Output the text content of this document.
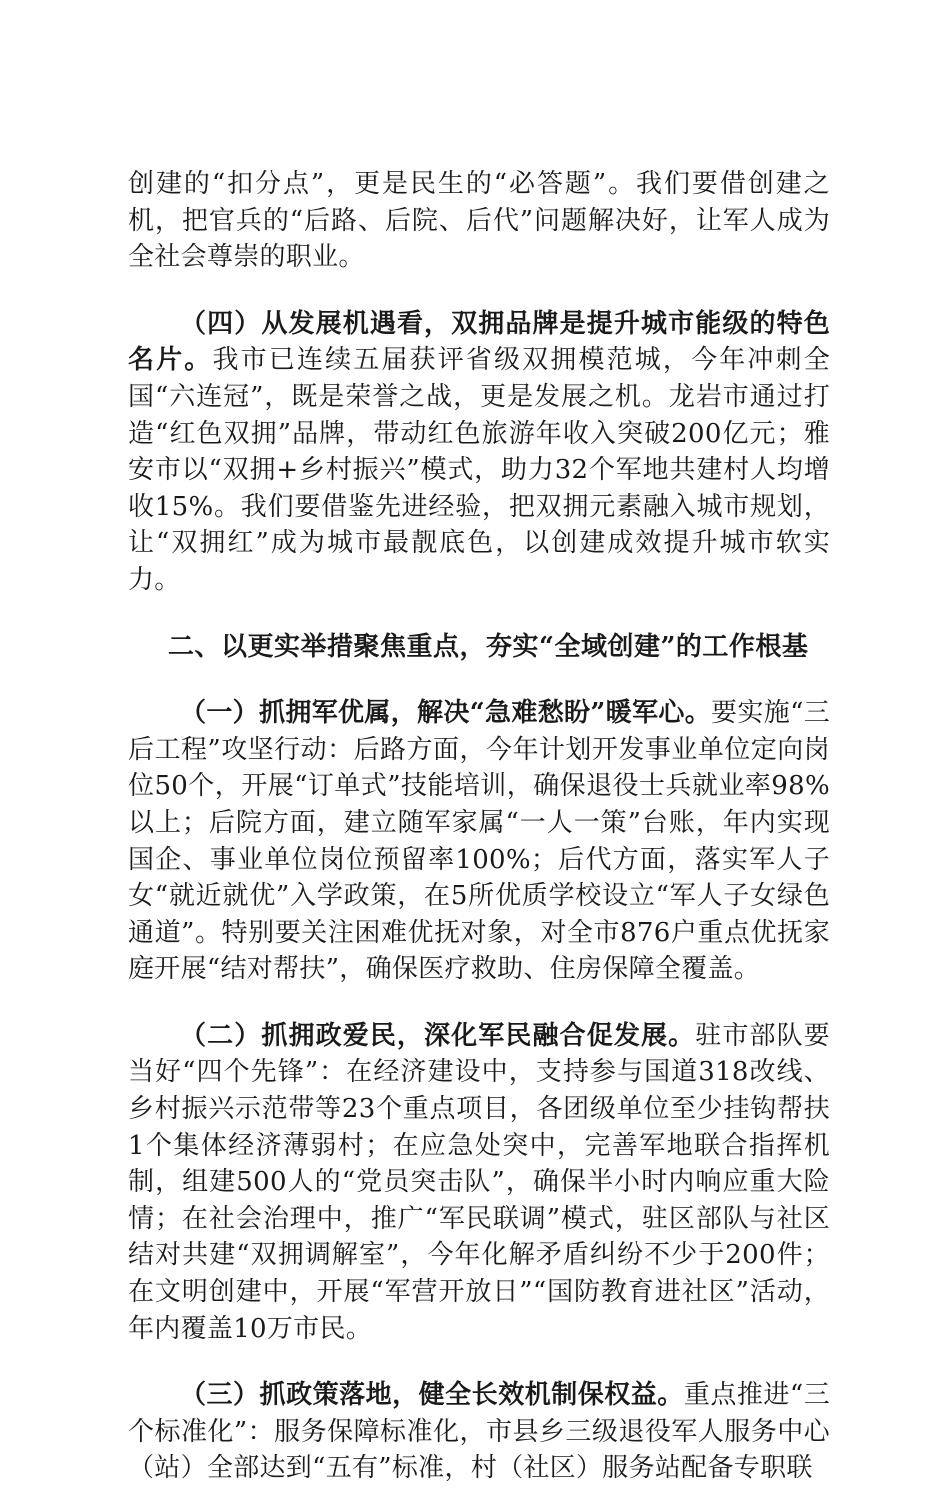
创建的“扣分点”，更是民生的“必答题”。我们要借创建之机，把官兵的“后路、后院、后代”问题解决好，让军人成为全社会尊崇的职业。

（四）从发展机遇看，双拥品牌是提升城市能级的特色名片。我市已连续五届获评省级双拥模范城，今年冲刺全国“六连冠”，既是荣誉之战，更是发展之机。龙岩市通过打造“红色双拥”品牌，带动红色旅游年收入突破200亿元；雅安市以“双拥+乡村振兴”模式，助力32个军地共建村人均增收15%。我们要借鉴先进经验，把双拥元素融入城市规划，让“双拥红”成为城市最靓底色，以创建成效提升城市软实力。

二、以更实举措聚焦重点，夯实“全域创建”的工作根基

（一）抓拥军优属，解决“急难愁盼”暖军心。要实施“三后工程”攻坚行动：后路方面，今年计划开发事业单位定向岗位50个，开展“订单式”技能培训，确保退役士兵就业率98%以上；后院方面，建立随军家属“一人一策”台账，年内实现国企、事业单位岗位预留率100%；后代方面，落实军人子女“就近就优”入学政策，在5所优质学校设立“军人子女绿色通道”。特别要关注困难优抚对象，对全市876户重点优抚家庭开展“结对帮扶”，确保医疗救助、住房保障全覆盖。

（二）抓拥政爱民，深化军民融合促发展。驻市部队要当好“四个先锋”：在经济建设中，支持参与国道318改线、乡村振兴示范带等23个重点项目，各团级单位至少挂钩帮扶1个集体经济薄弱村；在应急处突中，完善军地联合指挥机制，组建500人的“党员突击队”，确保半小时内响应重大险情；在社会治理中，推广“军民联调”模式，驻区部队与社区结对共建“双拥调解室”，今年化解矛盾纠纷不少于200件；在文明创建中，开展“军营开放日”“国防教育进社区”活动，年内覆盖10万市民。

（三）抓政策落地，健全长效机制保权益。重点推进“三个标准化”：服务保障标准化，市县乡三级退役军人服务中心（站）全部达到“五有”标准，村（社区）服务站配备专职联
